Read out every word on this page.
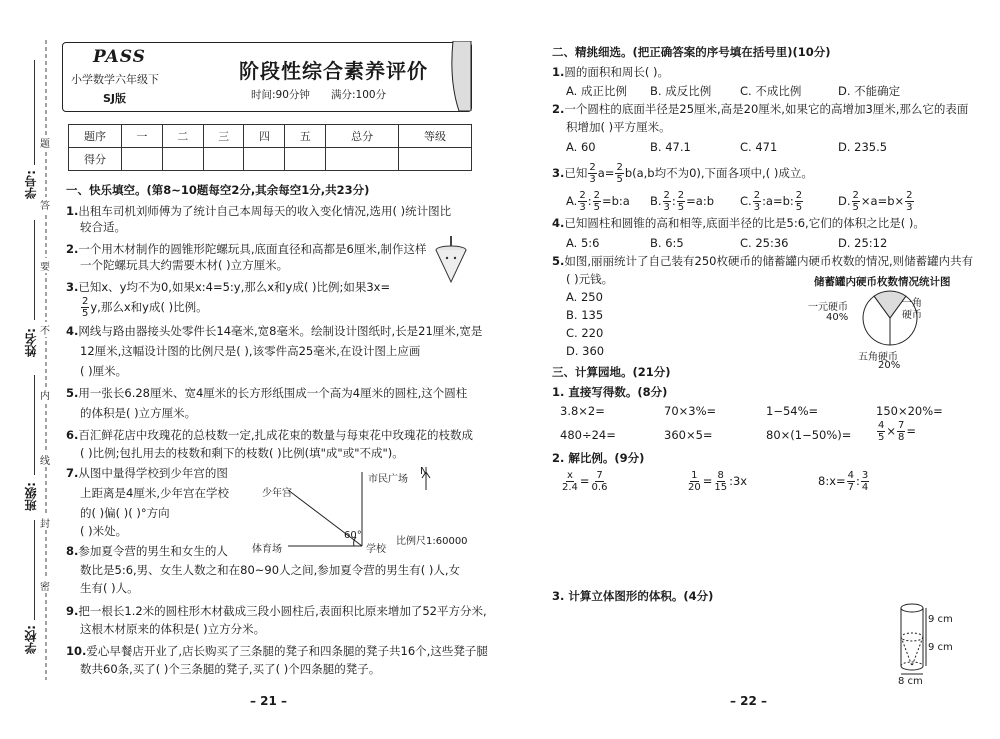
学号:
姓名:
班级:
学校:
题
答
要
不
内
线
封
密
PASS
小学数学六年级下
SJ版
阶段性综合素养评价
时间:90分钟 满分:100分
题序	一	二	三	四	五	总分	等级
得分							
一、快乐填空。(第8~10题每空2分,其余每空1分,共23分)
1.出租车司机刘师傅为了统计自己本周每天的收入变化情况,选用( )统计图比
较合适。
2.一个用木材制作的圆锥形陀螺玩具,底面直径和高都是6厘米,制作这样
一个陀螺玩具大约需要木材( )立方厘米。
3.已知x、y均不为0,如果x:4=5:y,那么x和y成( )比例;如果3x=
$\frac{2}{5} y$,那么x和y成( )比例。
4.网线与路由器接头处零件长14毫米,宽8毫米。绘制设计图纸时,长是21厘米,宽是
12厘米,这幅设计图的比例尺是( ),该零件高25毫米,在设计图上应画
( )厘米。
5.用一张长6.28厘米、宽4厘米的长方形纸围成一个高为4厘米的圆柱,这个圆柱
的体积是( )立方厘米。
6.百汇鲜花店中玫瑰花的总枝数一定,扎成花束的数量与每束花中玫瑰花的枝数成
( )比例;包扎用去的枝数和剩下的枝数( )比例(填"成"或"不成")。
7.从图中量得学校到少年宫的图
上距离是4厘米,少年宫在学校
的( )偏( )( )°方向
( )米处。
少年宫
市民广场
N
60°
体育场	学校
比例尺1:60000
8.参加夏令营的男生和女生的人
数比是5:6,男、女生人数之和在80~90人之间,参加夏令营的男生有( )人,女
生有( )人。
9.把一根长1.2米的圆柱形木材截成三段小圆柱后,表面积比原来增加了52平方分米,
这根木材原来的体积是( )立方分米。
10.爱心早餐店开业了,店长购买了三条腿的凳子和四条腿的凳子共16个,这些凳子腿
数共60条,买了( )个三条腿的凳子,买了( )个四条腿的凳子。
– 21 –
二、精挑细选。(把正确答案的序号填在括号里)(10分)
1.圆的面积和周长( )。
A. 成正比例 B. 成反比例	C. 不成比例	D. 不能确定
2.一个圆柱的底面半径是25厘米,高是20厘米,如果它的高增加3厘米,那么它的表面
积增加( )平方厘米。
A. 60	B. 47.1	C. 471	D. 235.5
3.已知 $\frac{2}{3} a= \frac{2}{5} b(a,b$均不为0),下面各项中,( )成立。
A. $\frac{2}{3}$ : $\frac{2}{5}$ =b:a B. $\frac{2}{3}$ : $\frac{2}{5}$ =a:b C. $\frac{2}{3}$ :a=b: $\frac{2}{5}$	D. $\frac{2}{5} \times a=b\times \frac{2}{3}$
4.已知圆柱和圆锥的高和相等,底面半径的比是5:6,它们的体积之比是( )。
A. 5:6	B. 6:5	C. 25:36	D. 25:12
5.如图,丽丽统计了自己装有250枚硬币的储蓄罐内硬币枚数的情况,则储蓄罐内共有
( )元钱。
A. 250
B. 135
C. 220
D. 360
储蓄罐内硬币枚数情况统计图
一元硬币
40%
一角硬币
五角硬币
20%
三、计算园地。(21分)
1. 直接写得数。(8分)
3.8×2=	70×3%=	1−54%=	150×20%=
480÷24=	360×5=	80×(1−50%)=	$\frac{4}{5} \times \frac{7}{8}$ =
2. 解比例。(9分)
$\frac{x}{2.4} = \frac{7}{0.6}$	$\frac{1}{20} = \frac{8}{15}$ :3x	8:x= $\frac{4}{7}$ : $\frac{3}{4}$
3. 计算立体图形的体积。(4分)
9 cm
9 cm
8 cm
– 22 –
